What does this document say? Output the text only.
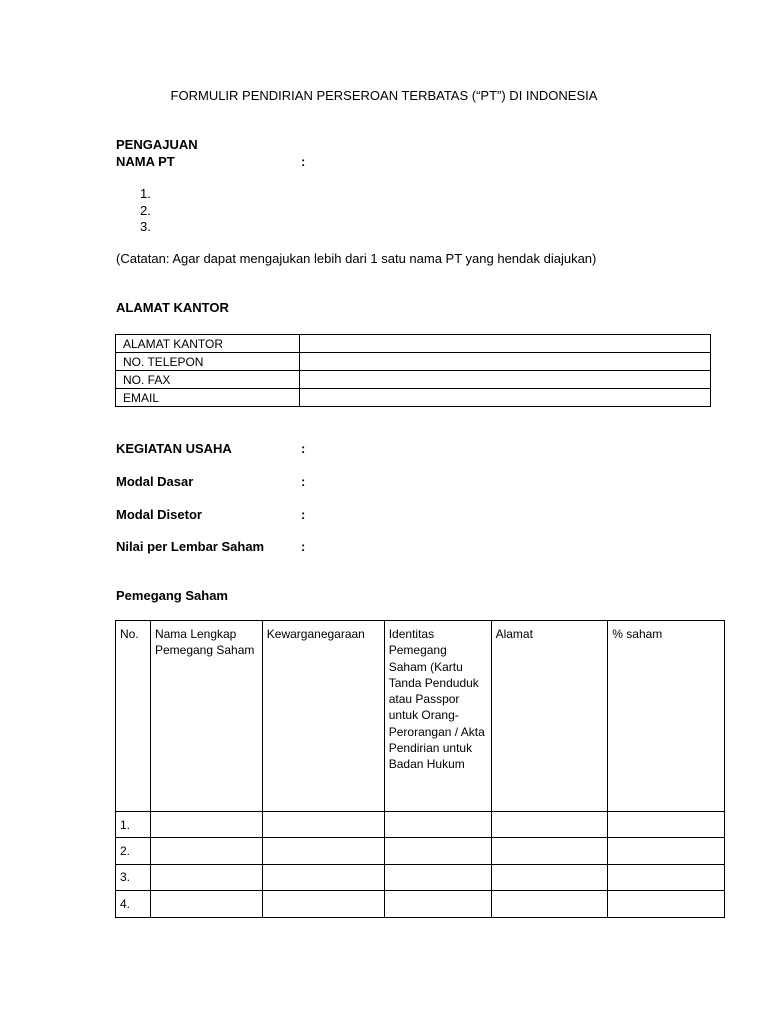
FORMULIR PENDIRIAN PERSEROAN TERBATAS (“PT”) DI INDONESIA
PENGAJUAN
NAMA PT	:
1.
2.
3.
(Catatan: Agar dapat mengajukan lebih dari 1 satu nama PT yang hendak diajukan)
ALAMAT KANTOR
ALAMAT KANTOR	
NO. TELEPON	
NO. FAX	
EMAIL	
KEGIATAN USAHA	:
Modal Dasar	:
Modal Disetor	:
Nilai per Lembar Saham	:
Pemegang Saham
No.	Nama Lengkap Pemegang Saham	Kewarganegaraan	Identitas Pemegang Saham (Kartu Tanda Penduduk atau Passpor untuk Orang-Perorangan / Akta Pendirian untuk Badan Hukum	Alamat	% saham
1.					
2.					
3.					
4.					
